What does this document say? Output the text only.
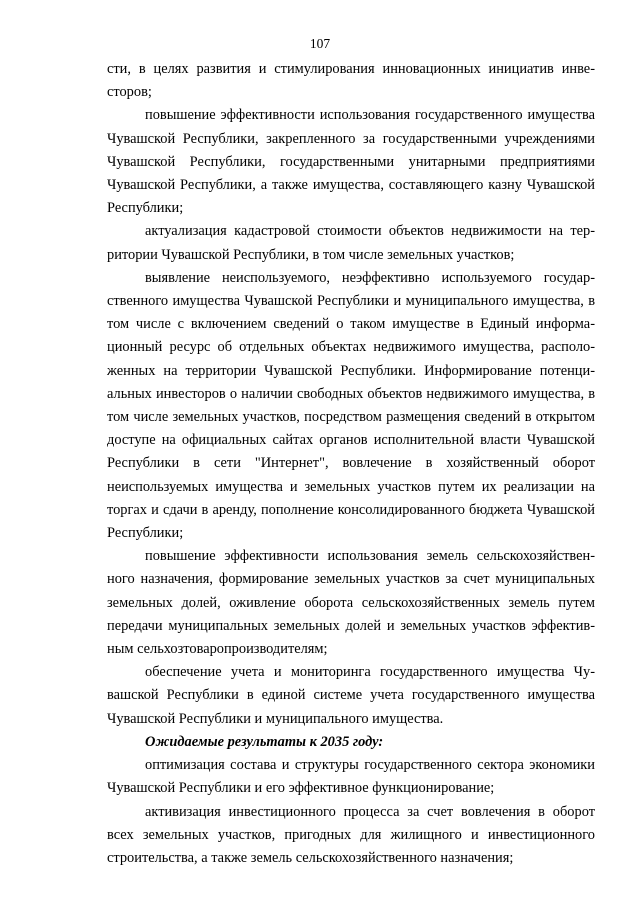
107

сти, в целях развития и стимулирования инновационных инициатив инвесторов;

повышение эффективности использования государственного имущества Чувашской Республики, закрепленного за государственными учреждениями Чувашской Республики, государственными унитарными предприятиями Чувашской Республики, а также имущества, составляющего казну Чувашской Республики;

актуализация кадастровой стоимости объектов недвижимости на территории Чувашской Республики, в том числе земельных участков;

выявление неиспользуемого, неэффективно используемого государственного имущества Чувашской Республики и муниципального имущества, в том числе с включением сведений о таком имуществе в Единый информационный ресурс об отдельных объектах недвижимого имущества, расположенных на территории Чувашской Республики. Информирование потенциальных инвесторов о наличии свободных объектов недвижимого имущества, в том числе земельных участков, посредством размещения сведений в открытом доступе на официальных сайтах органов исполнительной власти Чувашской Республики в сети "Интернет", вовлечение в хозяйственный оборот неиспользуемых имущества и земельных участков путем их реализации на торгах и сдачи в аренду, пополнение консолидированного бюджета Чувашской Республики;

повышение эффективности использования земель сельскохозяйственного назначения, формирование земельных участков за счет муниципальных земельных долей, оживление оборота сельскохозяйственных земель путем передачи муниципальных земельных долей и земельных участков эффективным сельхозтоваропроизводителям;

обеспечение учета и мониторинга государственного имущества Чувашской Республики в единой системе учета государственного имущества Чувашской Республики и муниципального имущества.

Ожидаемые результаты к 2035 году:

оптимизация состава и структуры государственного сектора экономики Чувашской Республики и его эффективное функционирование;

активизация инвестиционного процесса за счет вовлечения в оборот всех земельных участков, пригодных для жилищного и инвестиционного строительства, а также земель сельскохозяйственного назначения;
